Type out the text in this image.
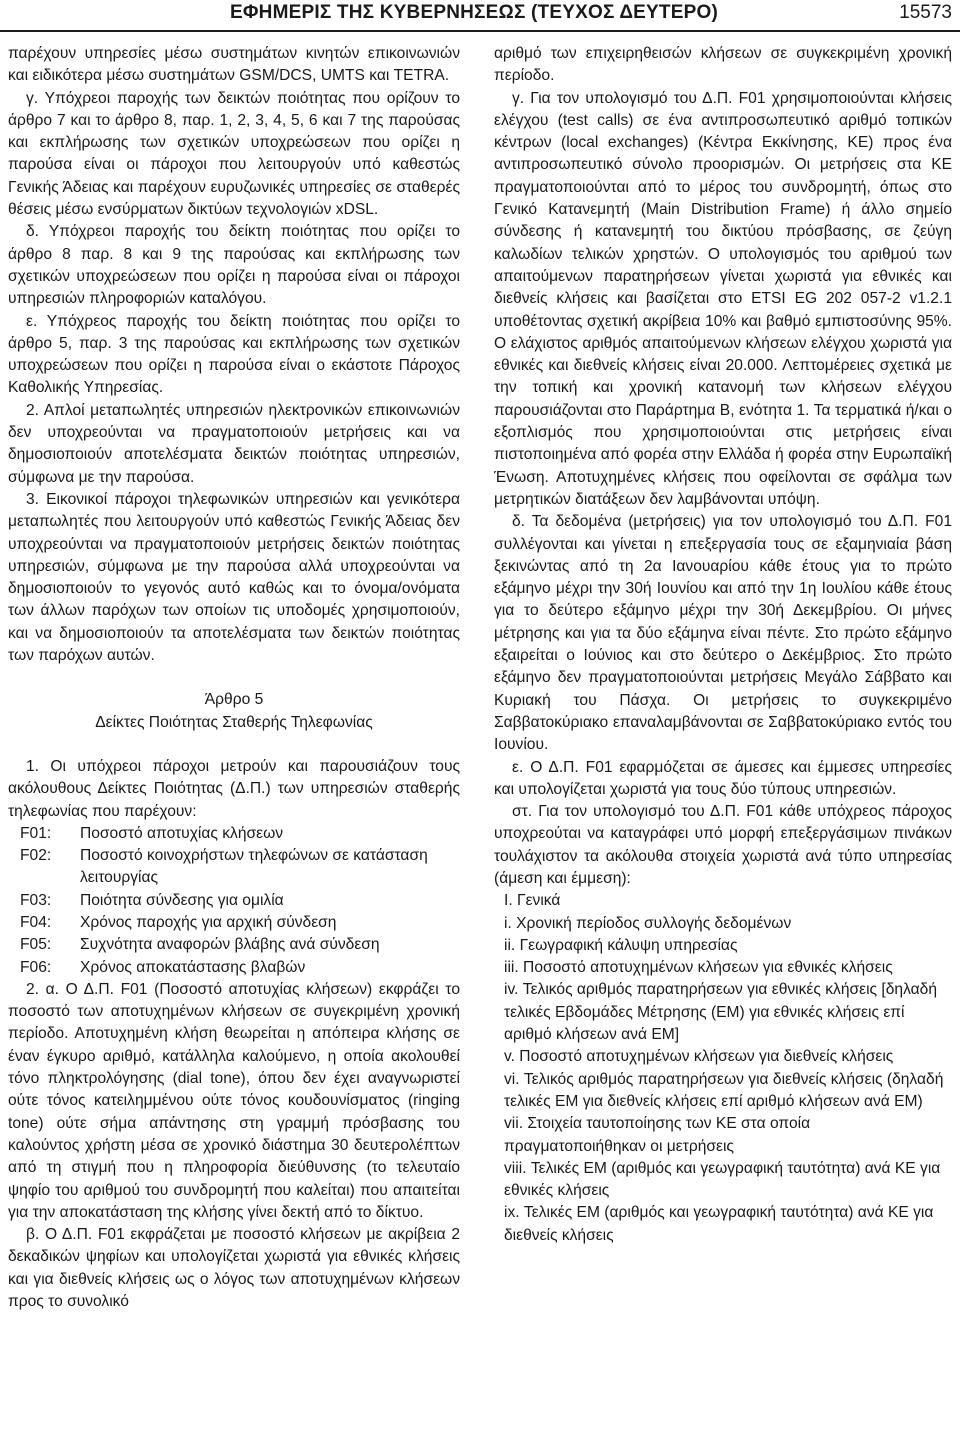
ΕΦΗΜΕΡΙΣ ΤΗΣ ΚΥΒΕΡΝΗΣΕΩΣ (ΤΕΥΧΟΣ ΔΕΥΤΕΡΟ)	15573

παρέχουν υπηρεσίες μέσω συστημάτων κινητών επικοινωνιών και ειδικότερα μέσω συστημάτων GSM/DCS, UMTS και TETRA.

γ. Υπόχρεοι παροχής των δεικτών ποιότητας που ορίζουν το άρθρο 7 και το άρθρο 8, παρ. 1, 2, 3, 4, 5, 6 και 7 της παρούσας και εκπλήρωσης των σχετικών υποχρεώσεων που ορίζει η παρούσα είναι οι πάροχοι που λειτουργούν υπό καθεστώς Γενικής Άδειας και παρέχουν ευρυζωνικές υπηρεσίες σε σταθερές θέσεις μέσω ενσύρματων δικτύων τεχνολογιών xDSL.

δ. Υπόχρεοι παροχής του δείκτη ποιότητας που ορίζει το άρθρο 8 παρ. 8 και 9 της παρούσας και εκπλήρωσης των σχετικών υποχρεώσεων που ορίζει η παρούσα είναι οι πάροχοι υπηρεσιών πληροφοριών καταλόγου.

ε. Υπόχρεος παροχής του δείκτη ποιότητας που ορίζει το άρθρο 5, παρ. 3 της παρούσας και εκπλήρωσης των σχετικών υποχρεώσεων που ορίζει η παρούσα είναι ο εκάστοτε Πάροχος Καθολικής Υπηρεσίας.

2. Απλοί μεταπωλητές υπηρεσιών ηλεκτρονικών επικοινωνιών δεν υποχρεούνται να πραγματοποιούν μετρήσεις και να δημοσιοποιούν αποτελέσματα δεικτών ποιότητας υπηρεσιών, σύμφωνα με την παρούσα.

3. Εικονικοί πάροχοι τηλεφωνικών υπηρεσιών και γενικότερα μεταπωλητές που λειτουργούν υπό καθεστώς Γενικής Άδειας δεν υποχρεούνται να πραγματοποιούν μετρήσεις δεικτών ποιότητας υπηρεσιών, σύμφωνα με την παρούσα αλλά υποχρεούνται να δημοσιοποιούν το γεγονός αυτό καθώς και το όνομα/ονόματα των άλλων παρόχων των οποίων τις υποδομές χρησιμοποιούν, και να δημοσιοποιούν τα αποτελέσματα των δεικτών ποιότητας των παρόχων αυτών.

Άρθρο 5

Δείκτες Ποιότητας Σταθερής Τηλεφωνίας

1. Οι υπόχρεοι πάροχοι μετρούν και παρουσιάζουν τους ακόλουθους Δείκτες Ποιότητας (Δ.Π.) των υπηρεσιών σταθερής τηλεφωνίας που παρέχουν:

F01:	Ποσοστό αποτυχίας κλήσεων
F02:	Ποσοστό κοινοχρήστων τηλεφώνων σε κατάσταση λειτουργίας
F03:	Ποιότητα σύνδεσης για ομιλία
F04:	Χρόνος παροχής για αρχική σύνδεση
F05:	Συχνότητα αναφορών βλάβης ανά σύνδεση
F06:	Χρόνος αποκατάστασης βλαβών

2. α. Ο Δ.Π. F01 (Ποσοστό αποτυχίας κλήσεων) εκφράζει το ποσοστό των αποτυχημένων κλήσεων σε συγεκριμένη χρονική περίοδο. Αποτυχημένη κλήση θεωρείται η απόπειρα κλήσης σε έναν έγκυρο αριθμό, κατάλληλα καλούμενο, η οποία ακολουθεί τόνο πληκτρολόγησης (dial tone), όπου δεν έχει αναγνωριστεί ούτε τόνος κατειλημμένου ούτε τόνος κουδουνίσματος (ringing tone) ούτε σήμα απάντησης στη γραμμή πρόσβασης του καλούντος χρήστη μέσα σε χρονικό διάστημα 30 δευτερολέπτων από τη στιγμή που η πληροφορία διεύθυνσης (το τελευταίο ψηφίο του αριθμού του συνδρομητή που καλείται) που απαιτείται για την αποκατάσταση της κλήσης γίνει δεκτή από το δίκτυο.

β. Ο Δ.Π. F01 εκφράζεται με ποσοστό κλήσεων με ακρίβεια 2 δεκαδικών ψηφίων και υπολογίζεται χωριστά για εθνικές κλήσεις και για διεθνείς κλήσεις ως ο λόγος των αποτυχημένων κλήσεων προς το συνολικό

αριθμό των επιχειρηθεισών κλήσεων σε συγκεκριμένη χρονική περίοδο.

γ. Για τον υπολογισμό του Δ.Π. F01 χρησιμοποιούνται κλήσεις ελέγχου (test calls) σε ένα αντιπροσωπευτικό αριθμό τοπικών κέντρων (local exchanges) (Κέντρα Εκκίνησης, ΚΕ) προς ένα αντιπροσωπευτικό σύνολο προορισμών. Οι μετρήσεις στα ΚΕ πραγματοποιούνται από το μέρος του συνδρομητή, όπως στο Γενικό Κατανεμητή (Main Distribution Frame) ή άλλο σημείο σύνδεσης ή κατανεμητή του δικτύου πρόσβασης, σε ζεύγη καλωδίων τελικών χρηστών. Ο υπολογισμός του αριθμού των απαιτούμενων παρατηρήσεων γίνεται χωριστά για εθνικές και διεθνείς κλήσεις και βασίζεται στο ETSI EG 202 057-2 v1.2.1 υποθέτοντας σχετική ακρίβεια 10% και βαθμό εμπιστοσύνης 95%. Ο ελάχιστος αριθμός απαιτούμενων κλήσεων ελέγχου χωριστά για εθνικές και διεθνείς κλήσεις είναι 20.000. Λεπτομέρειες σχετικά με την τοπική και χρονική κατανομή των κλήσεων ελέγχου παρουσιάζονται στο Παράρτημα Β, ενότητα 1. Τα τερματικά ή/και ο εξοπλισμός που χρησιμοποιούνται στις μετρήσεις είναι πιστοποιημένα από φορέα στην Ελλάδα ή φορέα στην Ευρωπαϊκή Ένωση. Αποτυχημένες κλήσεις που οφείλονται σε σφάλμα των μετρητικών διατάξεων δεν λαμβάνονται υπόψη.

δ. Τα δεδομένα (μετρήσεις) για τον υπολογισμό του Δ.Π. F01 συλλέγονται και γίνεται η επεξεργασία τους σε εξαμηνιαία βάση ξεκινώντας από τη 2α Ιανουαρίου κάθε έτους για το πρώτο εξάμηνο μέχρι την 30ή Ιουνίου και από την 1η Ιουλίου κάθε έτους για το δεύτερο εξάμηνο μέχρι την 30ή Δεκεμβρίου. Οι μήνες μέτρησης και για τα δύο εξάμηνα είναι πέντε. Στο πρώτο εξάμηνο εξαιρείται ο Ιούνιος και στο δεύτερο ο Δεκέμβριος. Στο πρώτο εξάμηνο δεν πραγματοποιούνται μετρήσεις Μεγάλο Σάββατο και Κυριακή του Πάσχα. Οι μετρήσεις το συγκεκριμένο Σαββατοκύριακο επαναλαμβάνονται σε Σαββατοκύριακο εντός του Ιουνίου.

ε. Ο Δ.Π. F01 εφαρμόζεται σε άμεσες και έμμεσες υπηρεσίες και υπολογίζεται χωριστά για τους δύο τύπους υπηρεσιών.

στ. Για τον υπολογισμό του Δ.Π. F01 κάθε υπόχρεος πάροχος υποχρεούται να καταγράφει υπό μορφή επεξεργάσιμων πινάκων τουλάχιστον τα ακόλουθα στοιχεία χωριστά ανά τύπο υπηρεσίας (άμεση και έμμεση):

I. Γενικά

i. Χρονική περίοδος συλλογής δεδομένων

ii. Γεωγραφική κάλυψη υπηρεσίας

iii. Ποσοστό αποτυχημένων κλήσεων για εθνικές κλήσεις

iv. Τελικός αριθμός παρατηρήσεων για εθνικές κλήσεις [δηλαδή τελικές Εβδομάδες Μέτρησης (ΕΜ) για εθνικές κλήσεις επί αριθμό κλήσεων ανά ΕΜ]

v. Ποσοστό αποτυχημένων κλήσεων για διεθνείς κλήσεις

vi. Τελικός αριθμός παρατηρήσεων για διεθνείς κλήσεις (δηλαδή τελικές ΕΜ για διεθνείς κλήσεις επί αριθμό κλήσεων ανά ΕΜ)

vii. Στοιχεία ταυτοποίησης των ΚΕ στα οποία πραγματοποιήθηκαν οι μετρήσεις

viii. Τελικές ΕΜ (αριθμός και γεωγραφική ταυτότητα) ανά ΚΕ για εθνικές κλήσεις

ix. Τελικές ΕΜ (αριθμός και γεωγραφική ταυτότητα) ανά ΚΕ για διεθνείς κλήσεις
